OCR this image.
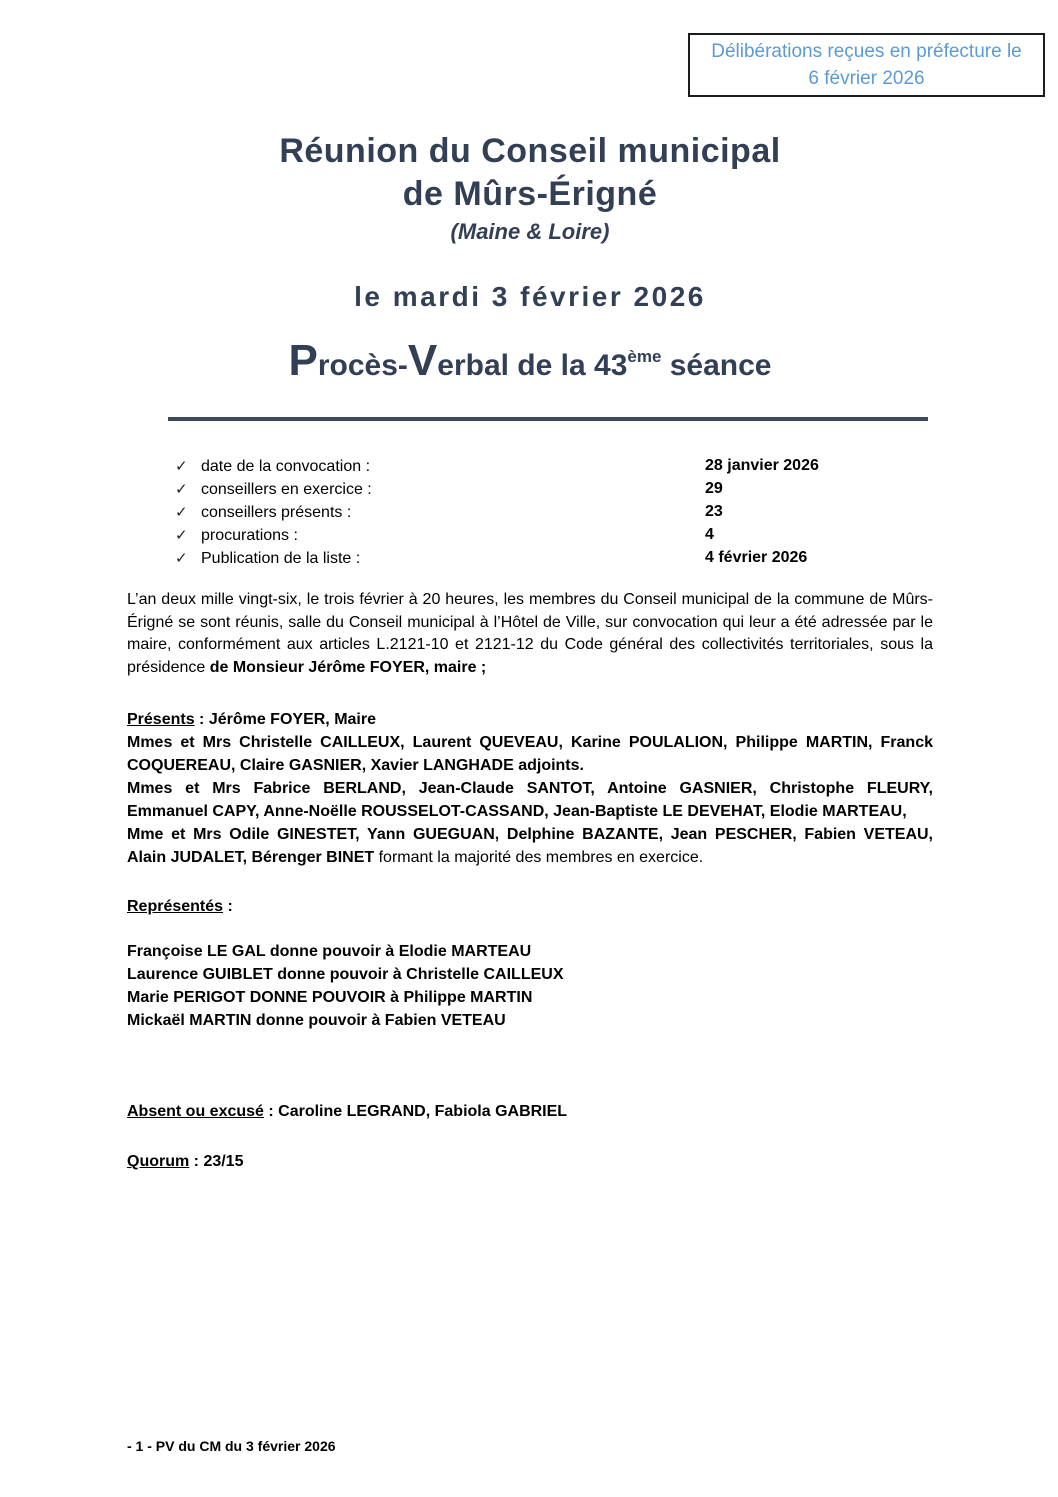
Délibérations reçues en préfecture le
6 février 2026
Réunion du Conseil municipal
de Mûrs-Érigné
(Maine & Loire)
le mardi 3 février 2026
Procès-Verbal de la 43ème séance
✓ date de la convocation :	28 janvier 2026
✓ conseillers en exercice :	29
✓ conseillers présents :	23
✓ procurations :	4
✓ Publication de la liste :	4 février 2026

L’an deux mille vingt-six, le trois février à 20 heures, les membres du Conseil municipal de la commune de Mûrs-Érigné se sont réunis, salle du Conseil municipal à l’Hôtel de Ville, sur convocation qui leur a été adressée par le maire, conformément aux articles L.2121-10 et 2121-12 du Code général des collectivités territoriales, sous la présidence de Monsieur Jérôme FOYER, maire ;

Présents : Jérôme FOYER, Maire
Mmes et Mrs Christelle CAILLEUX, Laurent QUEVEAU, Karine POULALION, Philippe MARTIN, Franck COQUEREAU, Claire GASNIER, Xavier LANGHADE adjoints.
Mmes et Mrs Fabrice BERLAND, Jean-Claude SANTOT, Antoine GASNIER, Christophe FLEURY, Emmanuel CAPY, Anne-Noëlle ROUSSELOT-CASSAND, Jean-Baptiste LE DEVEHAT, Elodie MARTEAU,
Mme et Mrs Odile GINESTET, Yann GUEGUAN, Delphine BAZANTE, Jean PESCHER, Fabien VETEAU, Alain JUDALET, Bérenger BINET formant la majorité des membres en exercice.
Représentés :
Françoise LE GAL donne pouvoir à Elodie MARTEAU
Laurence GUIBLET donne pouvoir à Christelle CAILLEUX
Marie PERIGOT DONNE POUVOIR à Philippe MARTIN
Mickaël MARTIN donne pouvoir à Fabien VETEAU
Absent ou excusé : Caroline LEGRAND, Fabiola GABRIEL
Quorum : 23/15
- 1 - PV du CM du 3 février 2026
